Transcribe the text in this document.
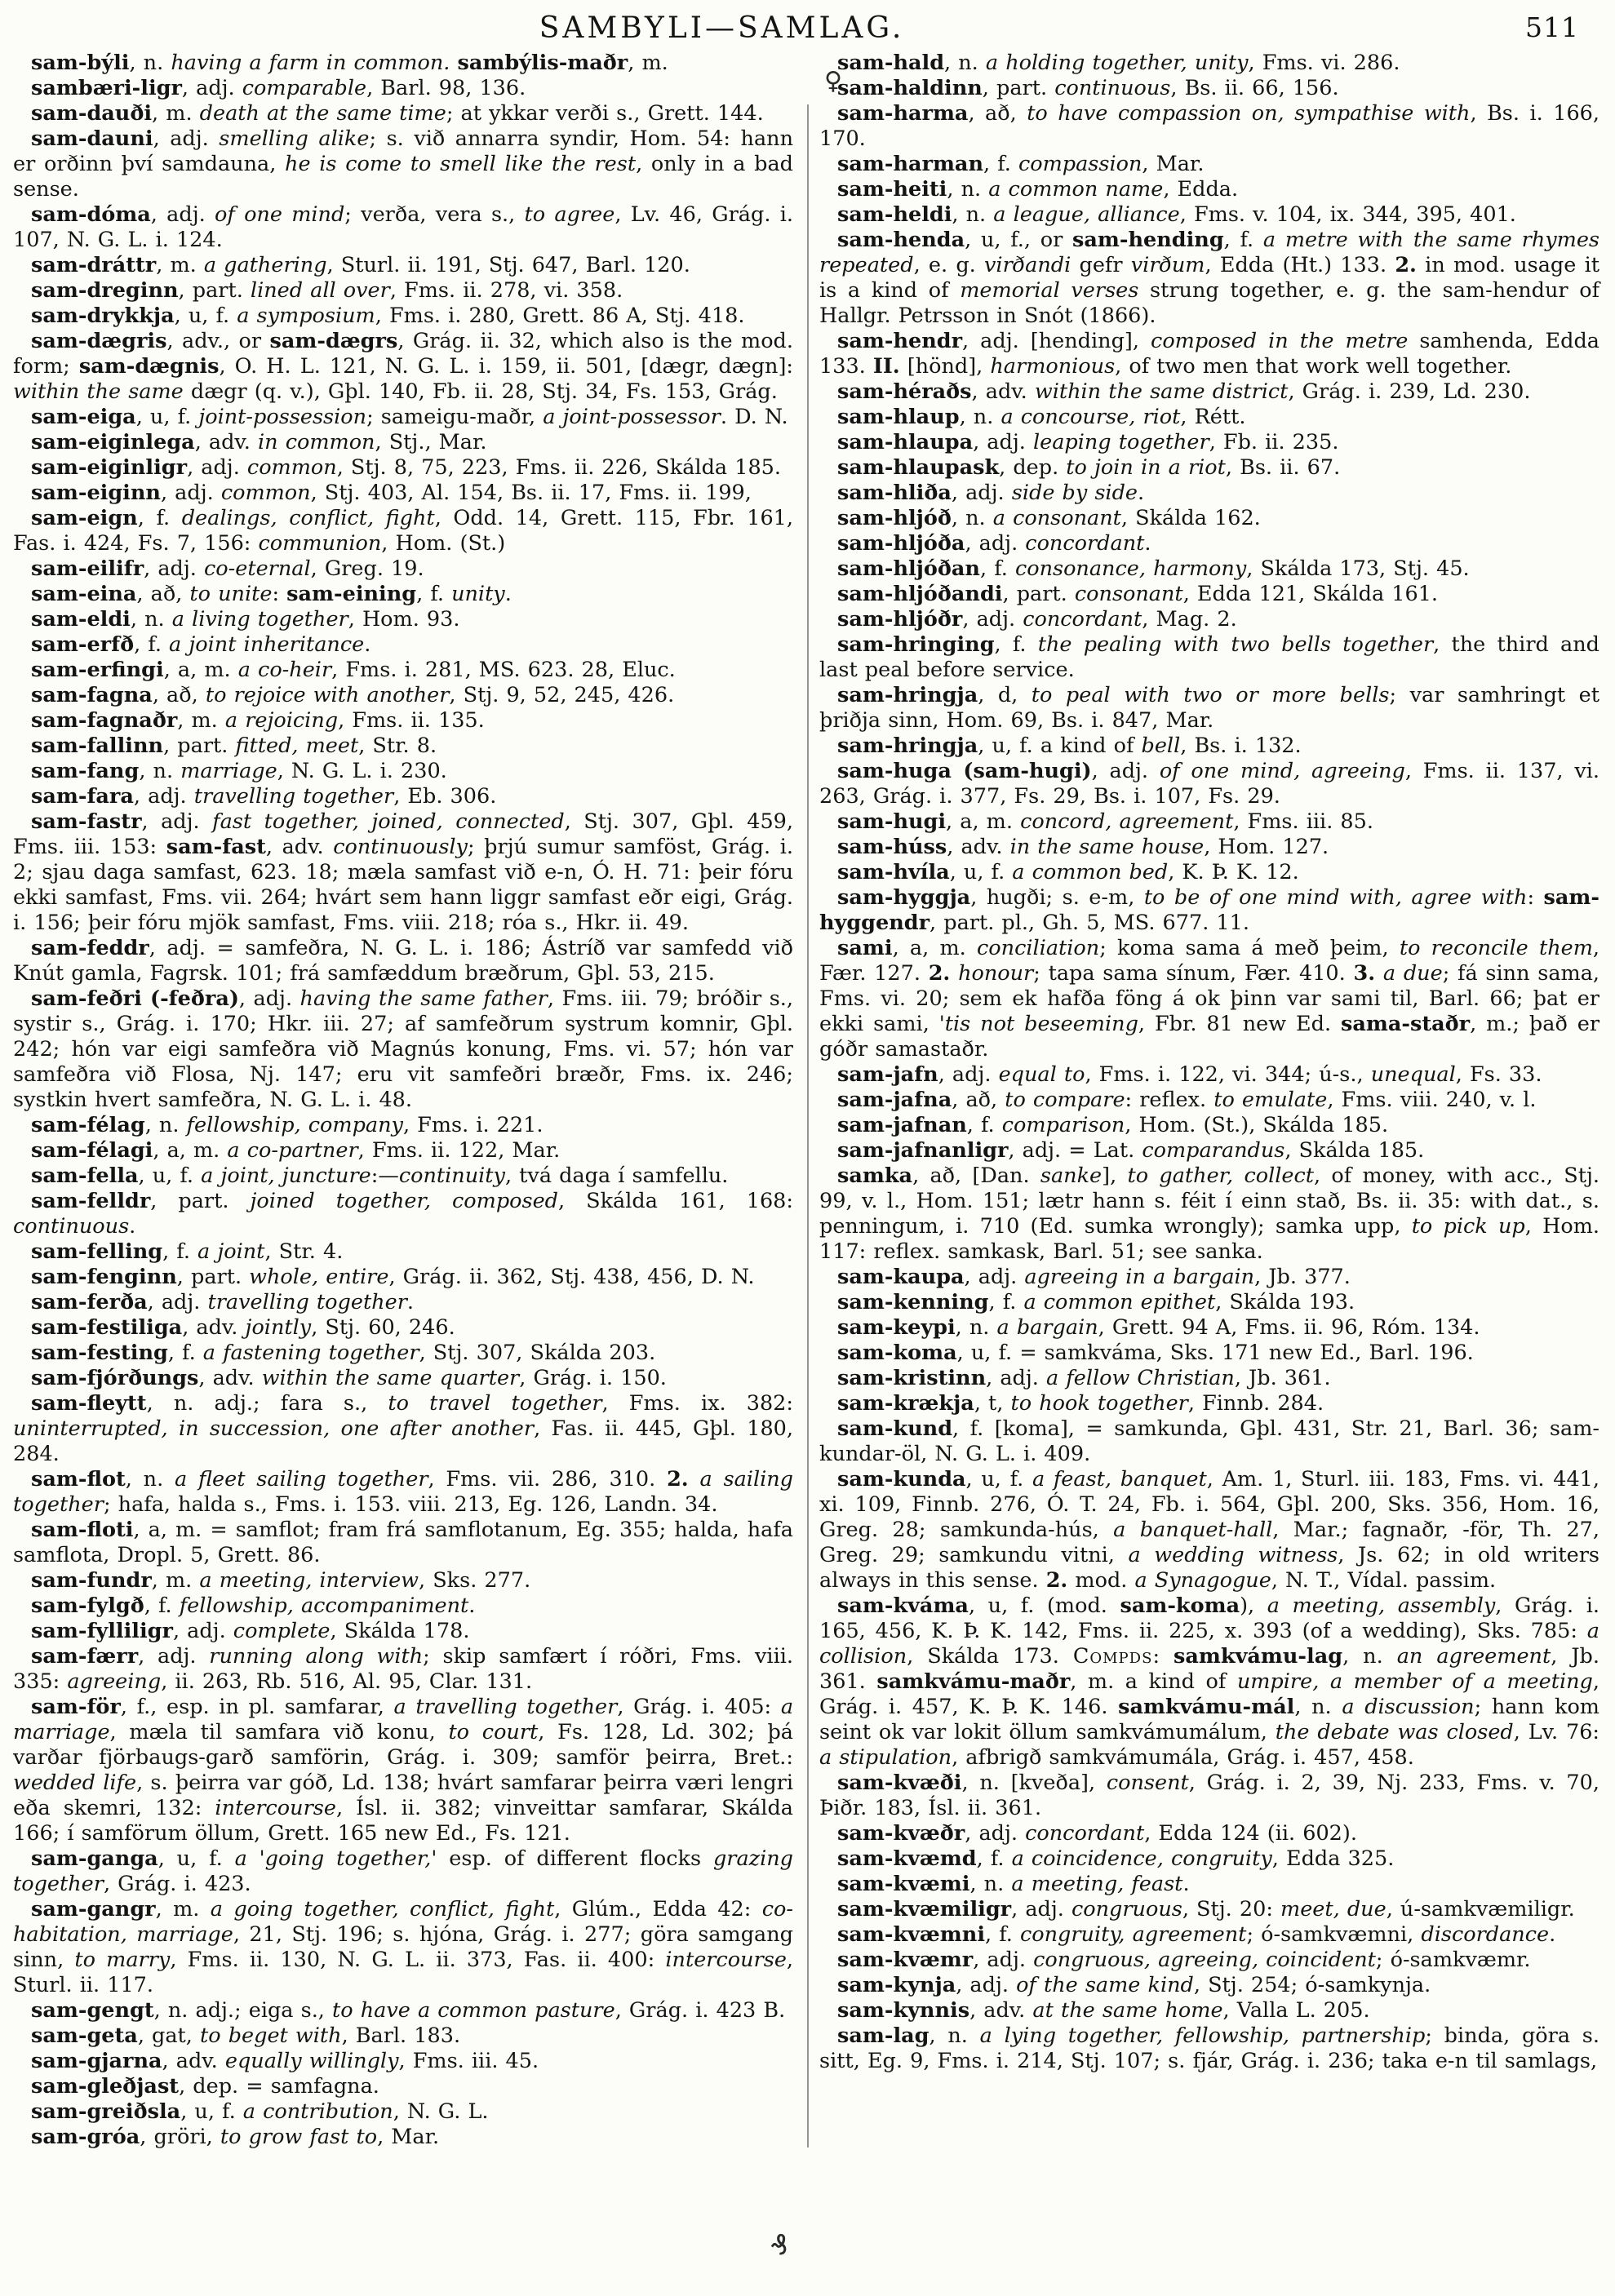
SAMBYLI—SAMLAG.	511
♀

sam-býli, n. having a farm in common. sambýlis-maðr, m.

sambæri-ligr, adj. comparable, Barl. 98, 136.

sam-dauði, m. death at the same time; at ykkar verði s., Grett. 144.

sam-dauni, adj. smelling alike; s. við annarra syndir, Hom. 54: hann er orðinn því samdauna, he is come to smell like the rest, only in a bad sense.

sam-dóma, adj. of one mind; verða, vera s., to agree, Lv. 46, Grág. i. 107, N. G. L. i. 124.

sam-dráttr, m. a gathering, Sturl. ii. 191, Stj. 647, Barl. 120.

sam-dreginn, part. lined all over, Fms. ii. 278, vi. 358.

sam-drykkja, u, f. a symposium, Fms. i. 280, Grett. 86 A, Stj. 418.

sam-dægris, adv., or sam-dægrs, Grág. ii. 32, which also is the mod. form; sam-dægnis, O. H. L. 121, N. G. L. i. 159, ii. 501, [dægr, dægn]: within the same dægr (q. v.), Gþl. 140, Fb. ii. 28, Stj. 34, Fs. 153, Grág.

sam-eiga, u, f. joint-possession; sameigu-maðr, a joint-possessor. D. N.

sam-eiginlega, adv. in common, Stj., Mar.

sam-eiginligr, adj. common, Stj. 8, 75, 223, Fms. ii. 226, Skálda 185.

sam-eiginn, adj. common, Stj. 403, Al. 154, Bs. ii. 17, Fms. ii. 199,

sam-eign, f. dealings, conflict, fight, Odd. 14, Grett. 115, Fbr. 161, Fas. i. 424, Fs. 7, 156: communion, Hom. (St.)

sam-eilifr, adj. co-eternal, Greg. 19.

sam-eina, að, to unite: sam-eining, f. unity.

sam-eldi, n. a living together, Hom. 93.

sam-erfð, f. a joint inheritance.

sam-erfingi, a, m. a co-heir, Fms. i. 281, MS. 623. 28, Eluc.

sam-fagna, að, to rejoice with another, Stj. 9, 52, 245, 426.

sam-fagnaðr, m. a rejoicing, Fms. ii. 135.

sam-fallinn, part. fitted, meet, Str. 8.

sam-fang, n. marriage, N. G. L. i. 230.

sam-fara, adj. travelling together, Eb. 306.

sam-fastr, adj. fast together, joined, connected, Stj. 307, Gþl. 459, Fms. iii. 153: sam-fast, adv. continuously; þrjú sumur samföst, Grág. i. 2; sjau daga samfast, 623. 18; mæla samfast við e-n, Ó. H. 71: þeir fóru ekki samfast, Fms. vii. 264; hvárt sem hann liggr samfast eðr eigi, Grág. i. 156; þeir fóru mjök samfast, Fms. viii. 218; róa s., Hkr. ii. 49.

sam-feddr, adj. = samfeðra, N. G. L. i. 186; Ástríð var samfedd við Knút gamla, Fagrsk. 101; frá samfæddum bræðrum, Gþl. 53, 215.

sam-feðri (-feðra), adj. having the same father, Fms. iii. 79; bróðir s., systir s., Grág. i. 170; Hkr. iii. 27; af samfeðrum systrum komnir, Gþl. 242; hón var eigi samfeðra við Magnús konung, Fms. vi. 57; hón var samfeðra við Flosa, Nj. 147; eru vit samfeðri bræðr, Fms. ix. 246; systkin hvert samfeðra, N. G. L. i. 48.

sam-félag, n. fellowship, company, Fms. i. 221.

sam-félagi, a, m. a co-partner, Fms. ii. 122, Mar.

sam-fella, u, f. a joint, juncture:—continuity, tvá daga í samfellu.

sam-felldr, part. joined together, composed, Skálda 161, 168: continuous.

sam-felling, f. a joint, Str. 4.

sam-fenginn, part. whole, entire, Grág. ii. 362, Stj. 438, 456, D. N.

sam-ferða, adj. travelling together.

sam-festiliga, adv. jointly, Stj. 60, 246.

sam-festing, f. a fastening together, Stj. 307, Skálda 203.

sam-fjórðungs, adv. within the same quarter, Grág. i. 150.

sam-fleytt, n. adj.; fara s., to travel together, Fms. ix. 382: uninterrupted, in succession, one after another, Fas. ii. 445, Gþl. 180, 284.

sam-flot, n. a fleet sailing together, Fms. vii. 286, 310. 2. a sailing together; hafa, halda s., Fms. i. 153. viii. 213, Eg. 126, Landn. 34.

sam-floti, a, m. = samflot; fram frá samflotanum, Eg. 355; halda, hafa samflota, Dropl. 5, Grett. 86.

sam-fundr, m. a meeting, interview, Sks. 277.

sam-fylgð, f. fellowship, accompaniment.

sam-fylliligr, adj. complete, Skálda 178.

sam-færr, adj. running along with; skip samfært í róðri, Fms. viii. 335: agreeing, ii. 263, Rb. 516, Al. 95, Clar. 131.

sam-för, f., esp. in pl. samfarar, a travelling together, Grág. i. 405: a marriage, mæla til samfara við konu, to court, Fs. 128, Ld. 302; þá varðar fjörbaugs-garð samförin, Grág. i. 309; samför þeirra, Bret.: wedded life, s. þeirra var góð, Ld. 138; hvárt samfarar þeirra væri lengri eða skemri, 132: intercourse, Ísl. ii. 382; vinveittar samfarar, Skálda 166; í samförum öllum, Grett. 165 new Ed., Fs. 121.

sam-ganga, u, f. a 'going together,' esp. of different flocks grazing together, Grág. i. 423.

sam-gangr, m. a going together, conflict, fight, Glúm., Edda 42: co-habitation, marriage, 21, Stj. 196; s. hjóna, Grág. i. 277; göra samgang sinn, to marry, Fms. ii. 130, N. G. L. ii. 373, Fas. ii. 400: intercourse, Sturl. ii. 117.

sam-gengt, n. adj.; eiga s., to have a common pasture, Grág. i. 423 B.

sam-geta, gat, to beget with, Barl. 183.

sam-gjarna, adv. equally willingly, Fms. iii. 45.

sam-gleðjast, dep. = samfagna.

sam-greiðsla, u, f. a contribution, N. G. L.

sam-gróa, gröri, to grow fast to, Mar.

sam-hald, n. a holding together, unity, Fms. vi. 286.

sam-haldinn, part. continuous, Bs. ii. 66, 156.

sam-harma, að, to have compassion on, sympathise with, Bs. i. 166, 170.

sam-harman, f. compassion, Mar.

sam-heiti, n. a common name, Edda.

sam-heldi, n. a league, alliance, Fms. v. 104, ix. 344, 395, 401.

sam-henda, u, f., or sam-hending, f. a metre with the same rhymes repeated, e. g. virðandi gefr virðum, Edda (Ht.) 133. 2. in mod. usage it is a kind of memorial verses strung together, e. g. the sam-hendur of Hallgr. Petrsson in Snót (1866).

sam-hendr, adj. [hending], composed in the metre samhenda, Edda 133. II. [hönd], harmonious, of two men that work well together.

sam-héraðs, adv. within the same district, Grág. i. 239, Ld. 230.

sam-hlaup, n. a concourse, riot, Rétt.

sam-hlaupa, adj. leaping together, Fb. ii. 235.

sam-hlaupask, dep. to join in a riot, Bs. ii. 67.

sam-hliða, adj. side by side.

sam-hljóð, n. a consonant, Skálda 162.

sam-hljóða, adj. concordant.

sam-hljóðan, f. consonance, harmony, Skálda 173, Stj. 45.

sam-hljóðandi, part. consonant, Edda 121, Skálda 161.

sam-hljóðr, adj. concordant, Mag. 2.

sam-hringing, f. the pealing with two bells together, the third and last peal before service.

sam-hringja, d, to peal with two or more bells; var samhringt et þriðja sinn, Hom. 69, Bs. i. 847, Mar.

sam-hringja, u, f. a kind of bell, Bs. i. 132.

sam-huga (sam-hugi), adj. of one mind, agreeing, Fms. ii. 137, vi. 263, Grág. i. 377, Fs. 29, Bs. i. 107, Fs. 29.

sam-hugi, a, m. concord, agreement, Fms. iii. 85.

sam-húss, adv. in the same house, Hom. 127.

sam-hvíla, u, f. a common bed, K. Þ. K. 12.

sam-hyggja, hugði; s. e-m, to be of one mind with, agree with: sam-hyggendr, part. pl., Gh. 5, MS. 677. 11.

sami, a, m. conciliation; koma sama á með þeim, to reconcile them, Fær. 127. 2. honour; tapa sama sínum, Fær. 410. 3. a due; fá sinn sama, Fms. vi. 20; sem ek hafða föng á ok þinn var sami til, Barl. 66; þat er ekki sami, 'tis not beseeming, Fbr. 81 new Ed. sama-staðr, m.; það er góðr samastaðr.

sam-jafn, adj. equal to, Fms. i. 122, vi. 344; ú-s., unequal, Fs. 33.

sam-jafna, að, to compare: reflex. to emulate, Fms. viii. 240, v. l.

sam-jafnan, f. comparison, Hom. (St.), Skálda 185.

sam-jafnanligr, adj. = Lat. comparandus, Skálda 185.

samka, að, [Dan. sanke], to gather, collect, of money, with acc., Stj. 99, v. l., Hom. 151; lætr hann s. féit í einn stað, Bs. ii. 35: with dat., s. penningum, i. 710 (Ed. sumka wrongly); samka upp, to pick up, Hom. 117: reflex. samkask, Barl. 51; see sanka.

sam-kaupa, adj. agreeing in a bargain, Jb. 377.

sam-kenning, f. a common epithet, Skálda 193.

sam-keypi, n. a bargain, Grett. 94 A, Fms. ii. 96, Róm. 134.

sam-koma, u, f. = samkváma, Sks. 171 new Ed., Barl. 196.

sam-kristinn, adj. a fellow Christian, Jb. 361.

sam-krækja, t, to hook together, Finnb. 284.

sam-kund, f. [koma], = samkunda, Gþl. 431, Str. 21, Barl. 36; sam-kundar-öl, N. G. L. i. 409.

sam-kunda, u, f. a feast, banquet, Am. 1, Sturl. iii. 183, Fms. vi. 441, xi. 109, Finnb. 276, Ó. T. 24, Fb. i. 564, Gþl. 200, Sks. 356, Hom. 16, Greg. 28; samkunda-hús, a banquet-hall, Mar.; fagnaðr, -för, Th. 27, Greg. 29; samkundu vitni, a wedding witness, Js. 62; in old writers always in this sense. 2. mod. a Synagogue, N. T., Vídal. passim.

sam-kváma, u, f. (mod. sam-koma), a meeting, assembly, Grág. i. 165, 456, K. Þ. K. 142, Fms. ii. 225, x. 393 (of a wedding), Sks. 785: a collision, Skálda 173. Compds: samkvámu-lag, n. an agreement, Jb. 361. samkvámu-maðr, m. a kind of umpire, a member of a meeting, Grág. i. 457, K. Þ. K. 146. samkvámu-mál, n. a discussion; hann kom seint ok var lokit öllum samkvámumálum, the debate was closed, Lv. 76: a stipulation, afbrigð samkvámumála, Grág. i. 457, 458.

sam-kvæði, n. [kveða], consent, Grág. i. 2, 39, Nj. 233, Fms. v. 70, Þiðr. 183, Ísl. ii. 361.

sam-kvæðr, adj. concordant, Edda 124 (ii. 602).

sam-kvæmd, f. a coincidence, congruity, Edda 325.

sam-kvæmi, n. a meeting, feast.

sam-kvæmiligr, adj. congruous, Stj. 20: meet, due, ú-samkvæmiligr.

sam-kvæmni, f. congruity, agreement; ó-samkvæmni, discordance.

sam-kvæmr, adj. congruous, agreeing, coincident; ó-samkvæmr.

sam-kynja, adj. of the same kind, Stj. 254; ó-samkynja.

sam-kynnis, adv. at the same home, Valla L. 205.

sam-lag, n. a lying together, fellowship, partnership; binda, göra s. sitt, Eg. 9, Fms. i. 214, Stj. 107; s. fjár, Grág. i. 236; taka e-n til samlags,

₰
